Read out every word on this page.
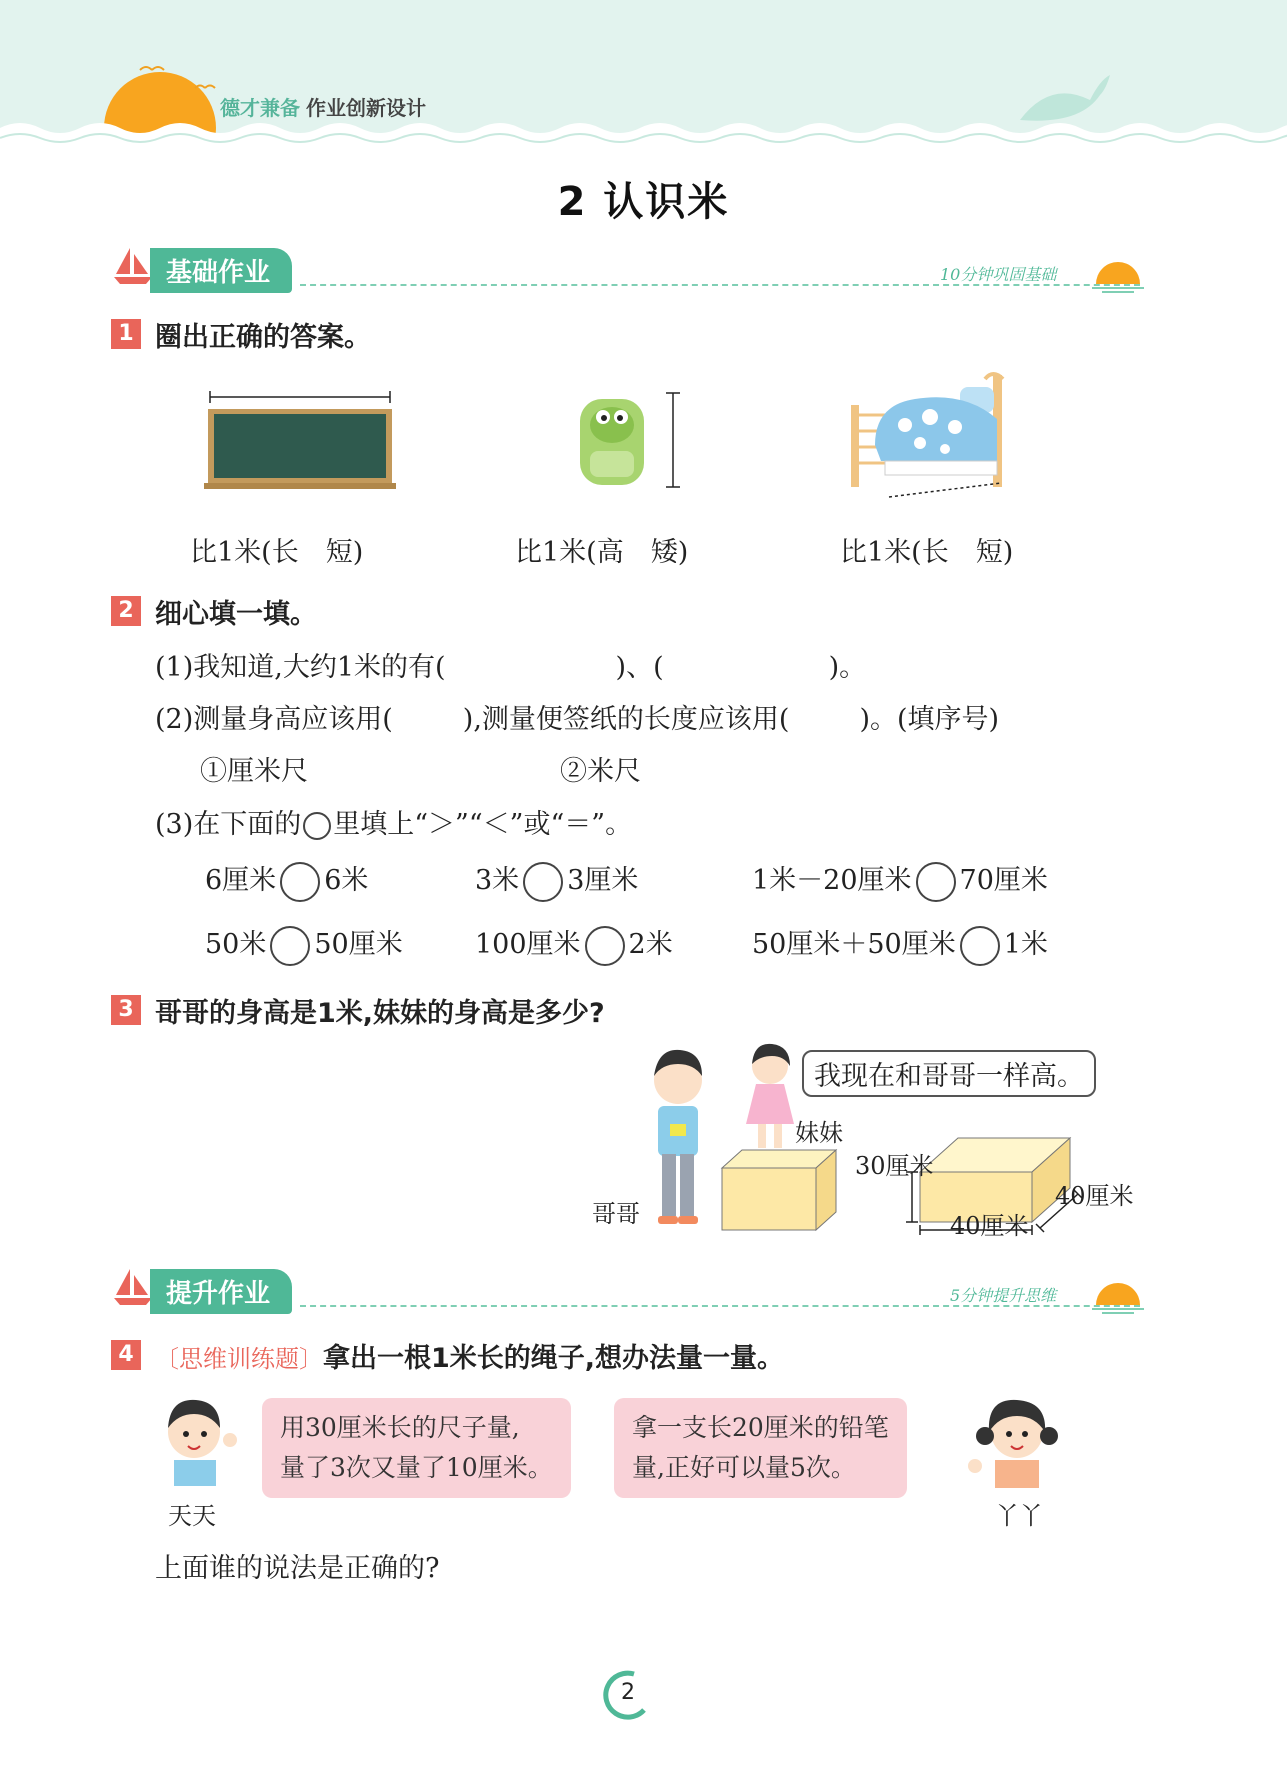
德才兼备 作业创新设计
2 认识米
基础作业	10分钟巩固基础
1 圈出正确的答案。
比1米(长　短)	比1米(高　矮)	比1米(长　短)
2 细心填一填。
(1)我知道,大约1米的有(	)、(	)。
(2)测量身高应该用(	),测量便签纸的长度应该用(	)。(填序号)
①厘米尺	②米尺
(3)在下面的 里填上“＞”“＜”或“＝”。
6厘米 6米	3米 3厘米	1米－20厘米 70厘米
50米 50厘米	100厘米 2米	50厘米＋50厘米 1米
3 哥哥的身高是1米,妹妹的身高是多少?
我现在和哥哥一样高。
哥哥
妹妹
30厘米
40厘米
40厘米
提升作业	5分钟提升思维
4 〔思维训练题〕拿出一根1米长的绳子,想办法量一量。
用30厘米长的尺子量,
量了3次又量了10厘米。
拿一支长20厘米的铅笔
量,正好可以量5次。
天天	丫丫
上面谁的说法是正确的?
2
